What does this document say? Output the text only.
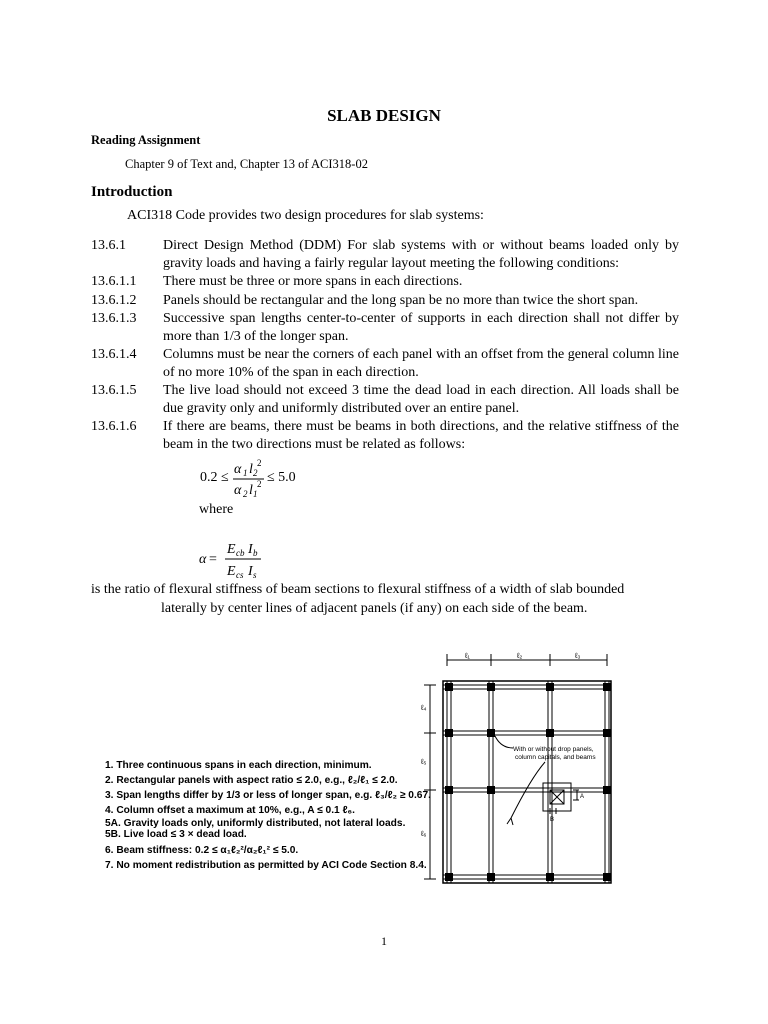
SLAB DESIGN
Reading Assignment
Chapter 9 of Text and, Chapter 13 of ACI318-02
Introduction
ACI318 Code provides two design procedures for slab systems:
13.6.1	Direct Design Method (DDM) For slab systems with or without beams loaded only by gravity loads and having a fairly regular layout meeting the following conditions:
13.6.1.1 There must be three or more spans in each directions.
13.6.1.2 Panels should be rectangular and the long span be no more than twice the short span.
13.6.1.3 Successive span lengths center-to-center of supports in each direction shall not differ by more than 1/3 of the longer span.
13.6.1.4 Columns must be near the corners of each panel with an offset from the general column line of no more 10% of the span in each direction.
13.6.1.5 The live load should not exceed 3 time the dead load in each direction. All loads shall be due gravity only and uniformly distributed over an entire panel.
13.6.1.6 If there are beams, there must be beams in both directions, and the relative stiffness of the beam in the two directions must be related as follows:
0.2 ≤
α 1 l 2
2
α 2 l 1
2 ≤ 5.0
where
α =
E cb I b
E cs I s
is the ratio of flexural stiffness of beam sections to flexural stiffness of a width of slab bounded
laterally by center lines of adjacent panels (if any) on each side of the beam.
1. Three continuous spans in each direction, minimum.
2. Rectangular panels with aspect ratio ≤ 2.0, e.g., ℓ₂/ℓ₁ ≤ 2.0.
3. Span lengths differ by 1/3 or less of longer span, e.g. ℓ₃/ℓ₂ ≥ 0.67.
4. Column offset a maximum at 10%, e.g., A ≤ 0.1 ℓ₆.
5A. Gravity loads only, uniformly distributed, not lateral loads.
5B. Live load ≤ 3 × dead load.
6. Beam stiffness: 0.2 ≤ α₁ℓ₂²/α₂ℓ₁² ≤ 5.0.
7. No moment redistribution as permitted by ACI Code Section 8.4.
ℓ₁	ℓ₂	ℓ₃
ℓ₄
ℓ₅
ℓ₆
With or without drop panels,
column capitals, and beams
A
B
1
